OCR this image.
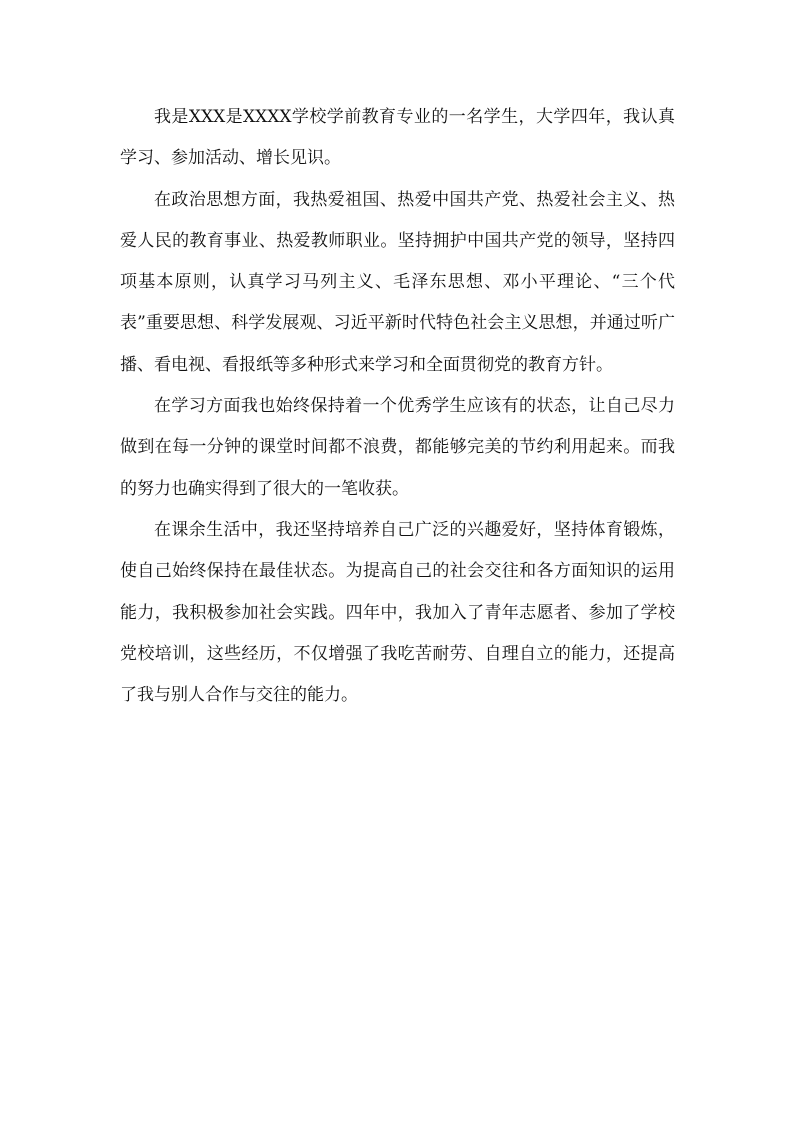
我是XXX是XXXX学校学前教育专业的一名学生，大学四年，我认真学习、参加活动、增长见识。

在政治思想方面，我热爱祖国、热爱中国共产党、热爱社会主义、热爱人民的教育事业、热爱教师职业。坚持拥护中国共产党的领导，坚持四项基本原则，认真学习马列主义、毛泽东思想、邓小平理论、“三个代表”重要思想、科学发展观、习近平新时代特色社会主义思想，并通过听广播、看电视、看报纸等多种形式来学习和全面贯彻党的教育方针。

在学习方面我也始终保持着一个优秀学生应该有的状态，让自己尽力做到在每一分钟的课堂时间都不浪费，都能够完美的节约利用起来。而我的努力也确实得到了很大的一笔收获。

在课余生活中，我还坚持培养自己广泛的兴趣爱好，坚持体育锻炼，使自己始终保持在最佳状态。为提高自己的社会交往和各方面知识的运用能力，我积极参加社会实践。四年中，我加入了青年志愿者、参加了学校党校培训，这些经历，不仅增强了我吃苦耐劳、自理自立的能力，还提高了我与别人合作与交往的能力。
